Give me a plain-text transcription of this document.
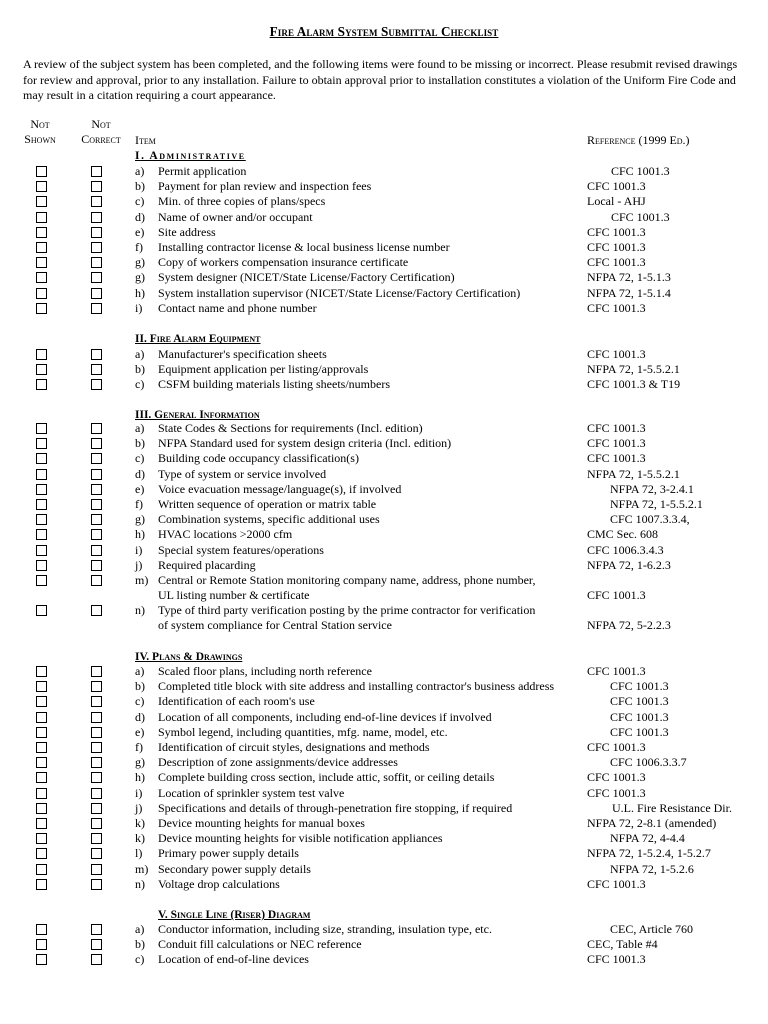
Fire Alarm System Submittal Checklist
A review of the subject system has been completed, and the following items were found to be missing or incorrect. Please resubmit revised drawings for review and approval, prior to any installation. Failure to obtain approval prior to installation constitutes a violation of the Uniform Fire Code and may result in a citation requiring a court appearance.
Not Shown
Not Correct	Item	Reference (1999 Ed.)
I. Administrative
a) Permit application	CFC 1001.3
b) Payment for plan review and inspection fees	CFC 1001.3
c) Min. of three copies of plans/specs	Local - AHJ
d) Name of owner and/or occupant	CFC 1001.3
e) Site address	CFC 1001.3
f) Installing contractor license & local business license number	CFC 1001.3
g) Copy of workers compensation insurance certificate	CFC 1001.3
g) System designer (NICET/State License/Factory Certification)	NFPA 72, 1-5.1.3
h) System installation supervisor (NICET/State License/Factory Certification)	NFPA 72, 1-5.1.4
i) Contact name and phone number	CFC 1001.3
II. Fire Alarm Equipment
a) Manufacturer's specification sheets	CFC 1001.3
b) Equipment application per listing/approvals	NFPA 72, 1-5.5.2.1
c) CSFM building materials listing sheets/numbers	CFC 1001.3 & T19
III. General Information
a) State Codes & Sections for requirements (Incl. edition)	CFC 1001.3
b) NFPA Standard used for system design criteria (Incl. edition)	CFC 1001.3
c) Building code occupancy classification(s)	CFC 1001.3
d) Type of system or service involved	NFPA 72, 1-5.5.2.1
e) Voice evacuation message/language(s), if involved	NFPA 72, 3-2.4.1
f) Written sequence of operation or matrix table	NFPA 72, 1-5.5.2.1
g) Combination systems, specific additional uses	CFC 1007.3.3.4,
h) HVAC locations >2000 cfm	CMC Sec. 608
i) Special system features/operations	CFC 1006.3.4.3
j) Required placarding	NFPA 72, 1-6.2.3
m) Central or Remote Station monitoring company name, address, phone number,
UL listing number & certificate	CFC 1001.3
n) Type of third party verification posting by the prime contractor for verification
of system compliance for Central Station service	NFPA 72, 5-2.2.3
IV. Plans & Drawings
a) Scaled floor plans, including north reference	CFC 1001.3
b) Completed title block with site address and installing contractor's business address	CFC 1001.3
c) Identification of each room's use	CFC 1001.3
d) Location of all components, including end-of-line devices if involved	CFC 1001.3
e) Symbol legend, including quantities, mfg. name, model, etc.	CFC 1001.3
f) Identification of circuit styles, designations and methods	CFC 1001.3
g) Description of zone assignments/device addresses	CFC 1006.3.3.7
h) Complete building cross section, include attic, soffit, or ceiling details	CFC 1001.3
i) Location of sprinkler system test valve	CFC 1001.3
j) Specifications and details of through-penetration fire stopping, if required	U.L. Fire Resistance Dir.
k) Device mounting heights for manual boxes	NFPA 72, 2-8.1 (amended)
k) Device mounting heights for visible notification appliances	NFPA 72, 4-4.4
l) Primary power supply details	NFPA 72, 1-5.2.4, 1-5.2.7
m) Secondary power supply details	NFPA 72, 1-5.2.6
n) Voltage drop calculations	CFC 1001.3
V. Single Line (Riser) Diagram
a) Conductor information, including size, stranding, insulation type, etc.	CEC, Article 760
b) Conduit fill calculations or NEC reference	CEC, Table #4
c) Location of end-of-line devices	CFC 1001.3
